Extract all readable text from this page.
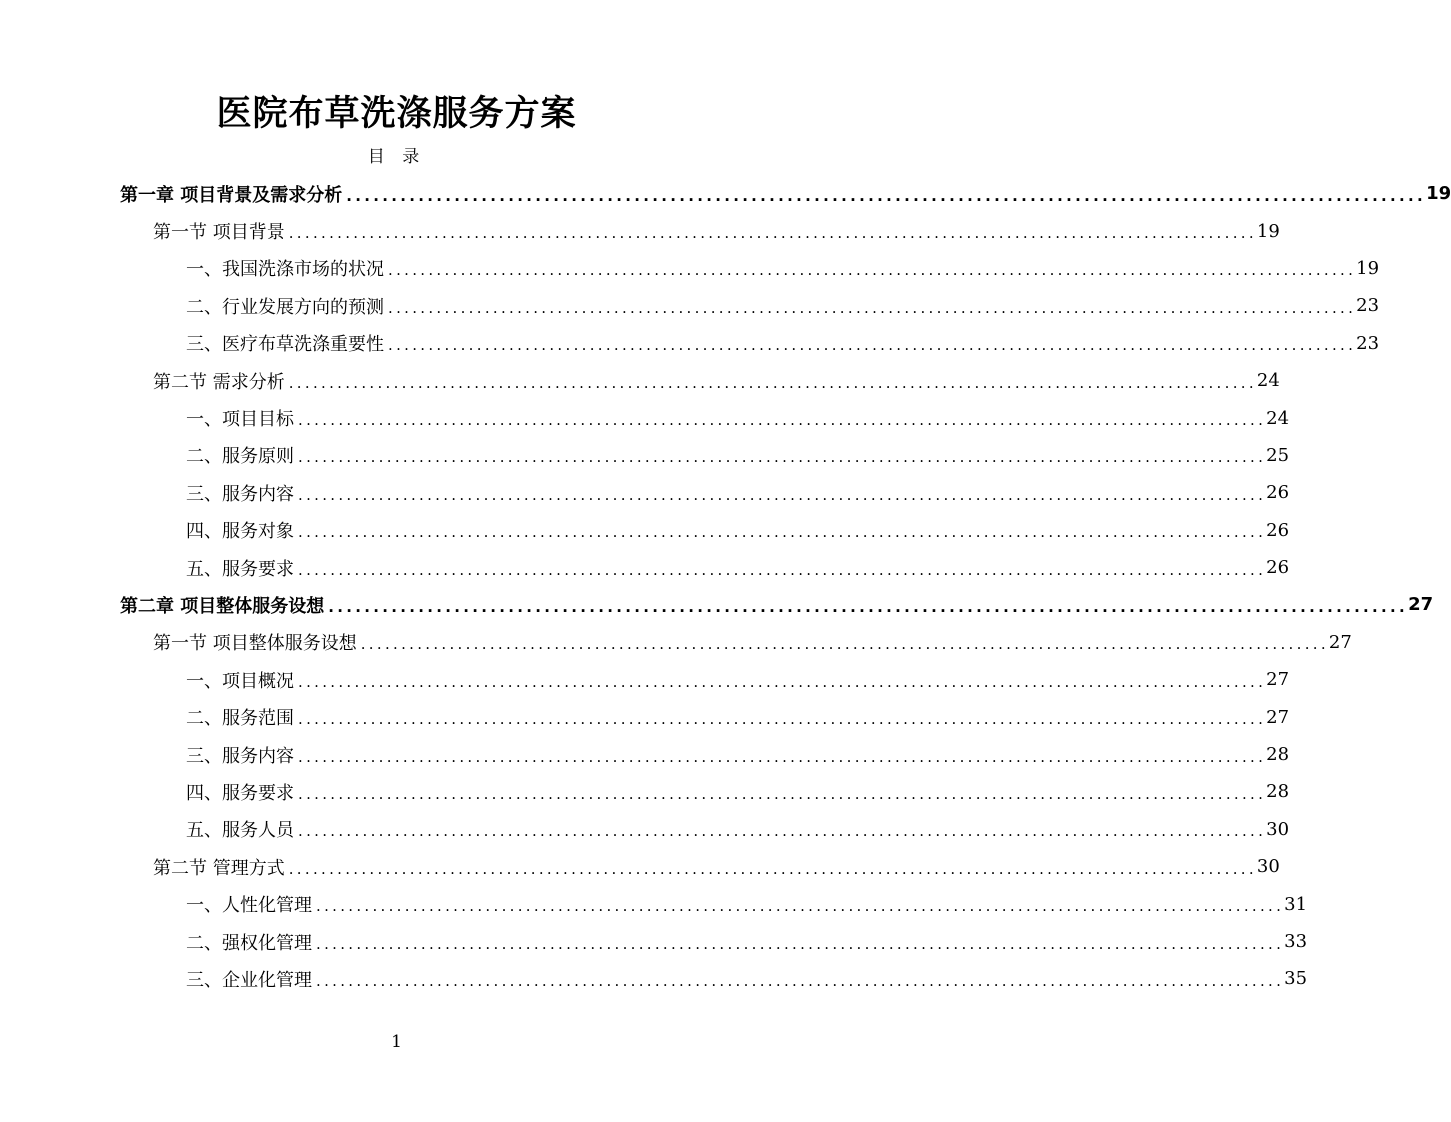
医院布草洗涤服务方案
目 录
第一章 项目背景及需求分析 ........................................................................................................................ 19
第一节 项目背景 ........................................................................................................................ 19
一、我国洗涤市场的状况 ........................................................................................................................ 19
二、行业发展方向的预测 ........................................................................................................................ 23
三、医疗布草洗涤重要性 ........................................................................................................................ 23
第二节 需求分析 ........................................................................................................................ 24
一、项目目标 ........................................................................................................................ 24
二、服务原则 ........................................................................................................................ 25
三、服务内容 ........................................................................................................................ 26
四、服务对象 ........................................................................................................................ 26
五、服务要求 ........................................................................................................................ 26
第二章 项目整体服务设想 ........................................................................................................................ 27
第一节 项目整体服务设想 ........................................................................................................................ 27
一、项目概况 ........................................................................................................................ 27
二、服务范围 ........................................................................................................................ 27
三、服务内容 ........................................................................................................................ 28
四、服务要求 ........................................................................................................................ 28
五、服务人员 ........................................................................................................................ 30
第二节 管理方式 ........................................................................................................................ 30
一、人性化管理 ........................................................................................................................ 31
二、强权化管理 ........................................................................................................................ 33
三、企业化管理 ........................................................................................................................ 35
1
